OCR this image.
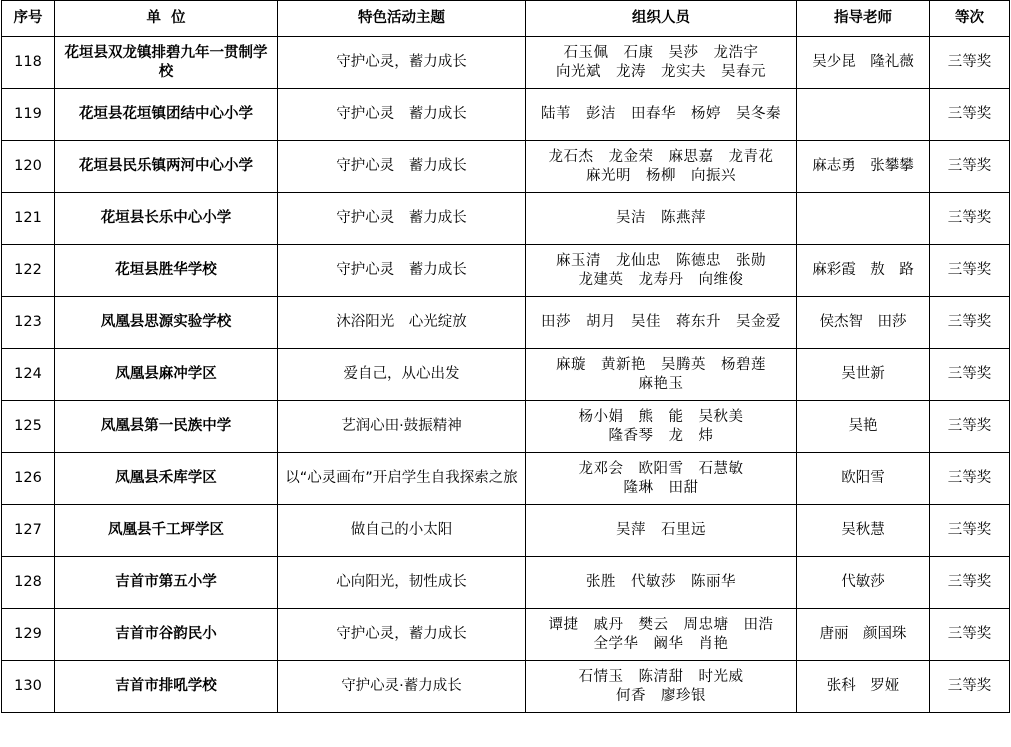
序号	单  位	特色活动主题	组织人员	指导老师	等次
118	花垣县双龙镇排碧九年一贯制学校	守护心灵，蓄力成长	石玉佩　石康　吴莎　龙浩宇
向光斌　龙涛　龙实夫　吴春元	吴少昆　隆礼薇	三等奖
119	花垣县花垣镇团结中心小学	守护心灵　蓄力成长	陆苇　彭洁　田春华　杨婷　吴冬秦		三等奖
120	花垣县民乐镇两河中心小学	守护心灵　蓄力成长	龙石杰　龙金荣　麻思嘉　龙青花
麻光明　杨柳　向振兴	麻志勇　张攀攀	三等奖
121	花垣县长乐中心小学	守护心灵　蓄力成长	吴洁　陈燕萍		三等奖
122	花垣县胜华学校	守护心灵　蓄力成长	麻玉清　龙仙忠　陈德忠　张勋
龙建英　龙寿丹　向维俊	麻彩霞　敖　路	三等奖
123	凤凰县思源实验学校	沐浴阳光　心光绽放	田莎　胡月　吴佳　蒋东升　吴金爱	侯杰智　田莎	三等奖
124	凤凰县麻冲学区	爱自己，从心出发	麻璇　黄新艳　吴腾英　杨碧莲
麻艳玉	吴世新	三等奖
125	凤凰县第一民族中学	艺润心田·鼓振精神	杨小娟　熊　能　吴秋美
隆香琴　龙　炜	吴艳	三等奖
126	凤凰县禾库学区	以“心灵画布”开启学生自我探索之旅	龙邓会　欧阳雪　石慧敏
隆琳　田甜	欧阳雪	三等奖
127	凤凰县千工坪学区	做自己的小太阳	吴萍　石里远	吴秋慧	三等奖
128	吉首市第五小学	心向阳光，韧性成长	张胜　代敏莎　陈丽华	代敏莎	三等奖
129	吉首市谷韵民小	守护心灵，蓄力成长	谭捷　戚丹　樊云　周忠塘　田浩
全学华　阚华　肖艳	唐丽　颜国珠	三等奖
130	吉首市排吼学校	守护心灵·蓄力成长	石情玉　陈清甜　时光威
何香　廖珍银	张科　罗娅	三等奖
